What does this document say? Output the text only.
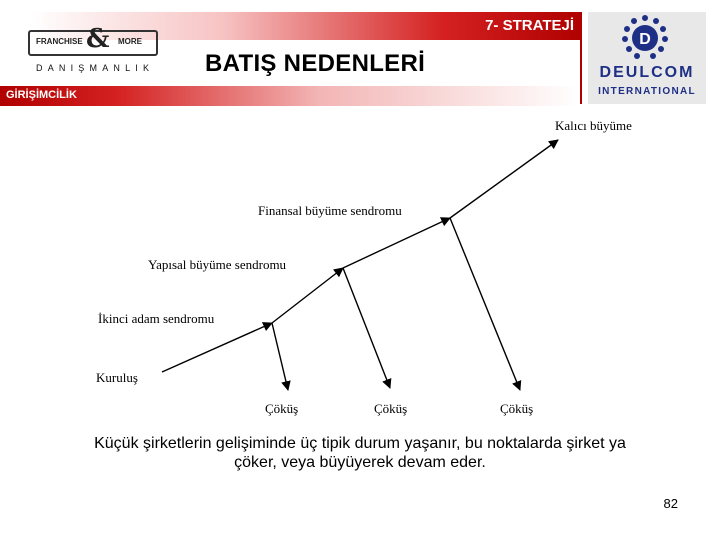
7- STRATEJİ
GİRİŞİMCİLİK
BATIŞ NEDENLERİ
FRANCHISE & MORE
DANIŞMANLIK
D
DEULCOM
INTERNATIONAL
Kuruluş
İkinci adam sendromu
Yapısal büyüme sendromu
Finansal büyüme sendromu
Kalıcı büyüme
Çöküş	Çöküş	Çöküş
Küçük şirketlerin gelişiminde üç tipik durum yaşanır, bu noktalarda şirket ya çöker, veya büyüyerek devam eder.
82
